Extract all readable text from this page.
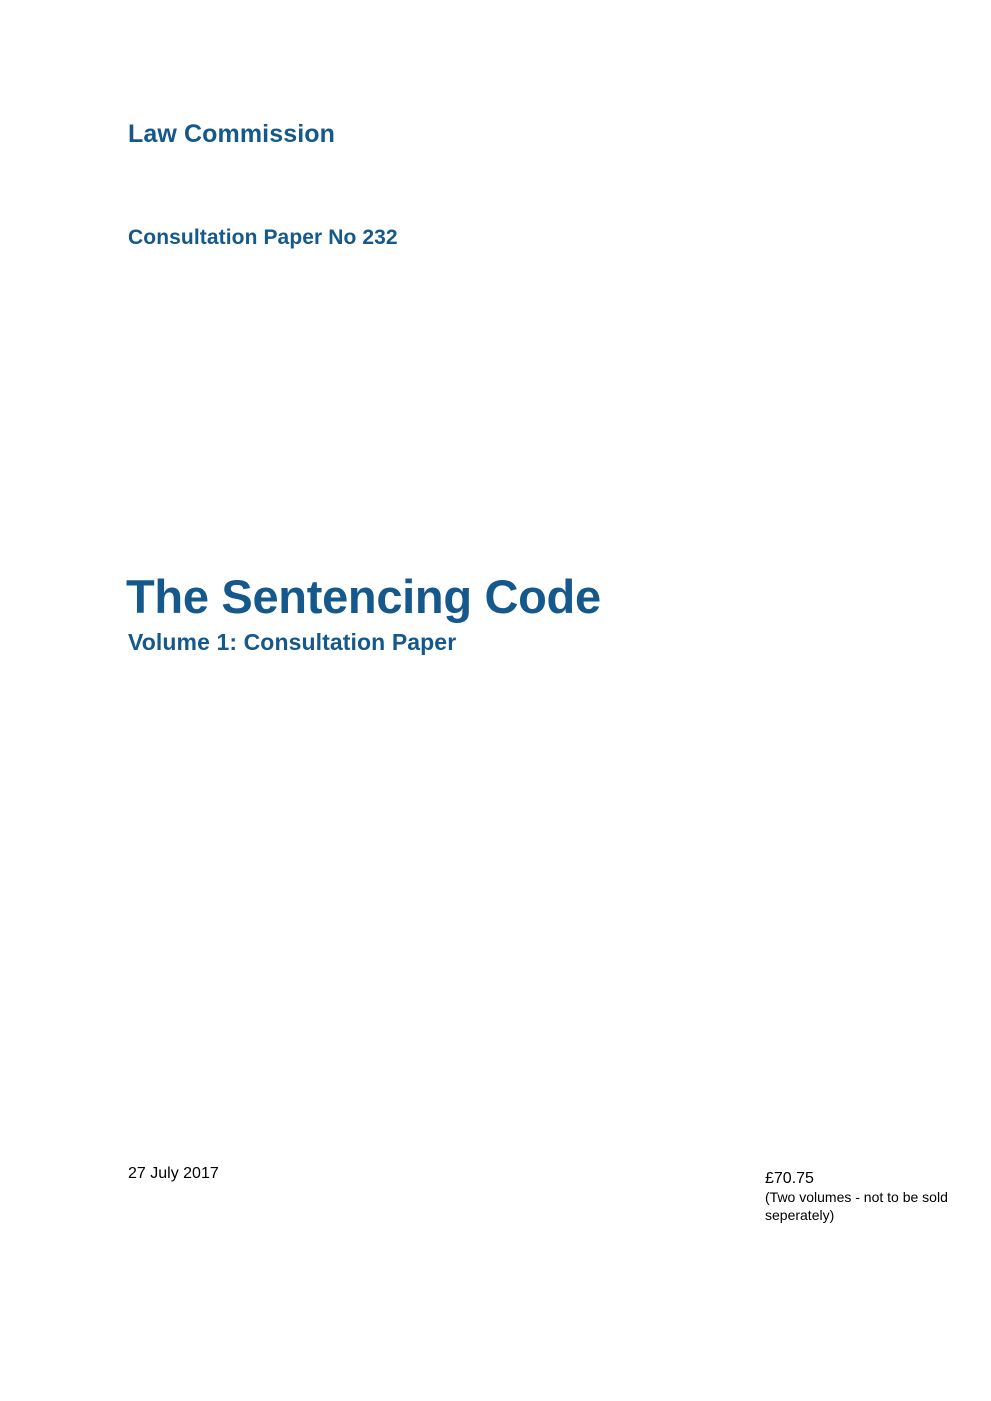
Law Commission
Consultation Paper No 232
The Sentencing Code
Volume 1: Consultation Paper
27 July 2017	£70.75
(Two volumes - not to be sold seperately)
